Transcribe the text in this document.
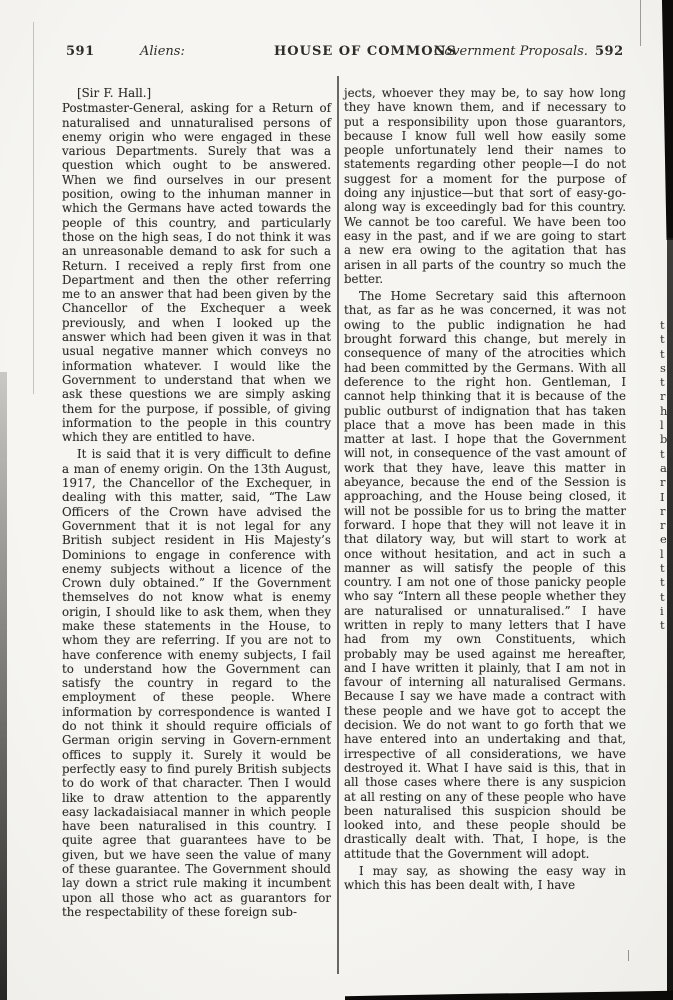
591	Aliens:	HOUSE OF COMMONS
Government Proposals. 592
[Sir F. Hall.]

Postmaster-General, asking for a Return of naturalised and unnaturalised persons of enemy origin who were engaged in these various Departments. Surely that was a question which ought to be answered. When we find ourselves in our present position, owing to the inhuman manner in which the Germans have acted towards the people of this country, and particularly those on the high seas, I do not think it was an unreasonable demand to ask for such a Return. I received a reply first from one Department and then the other referring me to an answer that had been given by the Chancellor of the Exchequer a week previously, and when I looked up the answer which had been given it was in that usual negative manner which conveys no information whatever. I would like the Government to understand that when we ask these questions we are simply asking them for the purpose, if possible, of giving information to the people in this country which they are entitled to have.

It is said that it is very difficult to define a man of enemy origin. On the 13th August, 1917, the Chancellor of the Exchequer, in dealing with this matter, said, “The Law Officers of the Crown have advised the Government that it is not legal for any British subject resident in His Majesty’s Dominions to engage in conference with enemy subjects without a licence of the Crown duly obtained.” If the Government themselves do not know what is enemy origin, I should like to ask them, when they make these statements in the House, to whom they are referring. If you are not to have conference with enemy subjects, I fail to understand how the Government can satisfy the country in regard to the employment of these people. Where information by correspondence is wanted I do not think it should require officials of German origin serving in Govern-ernment offices to supply it. Surely it would be perfectly easy to find purely British subjects to do work of that character. Then I would like to draw attention to the apparently easy lackadaisiacal manner in which people have been naturalised in this country. I quite agree that guarantees have to be given, but we have seen the value of many of these guarantee. The Government should lay down a strict rule making it incumbent upon all those who act as guarantors for the respectability of these foreign sub-

jects, whoever they may be, to say how long they have known them, and if necessary to put a responsibility upon those guarantors, because I know full well how easily some people unfortunately lend their names to statements regarding other people—I do not suggest for a moment for the purpose of doing any injustice—but that sort of easy-go-along way is exceedingly bad for this country. We cannot be too careful. We have been too easy in the past, and if we are going to start a new era owing to the agitation that has arisen in all parts of the country so much the better.

The Home Secretary said this afternoon that, as far as he was concerned, it was not owing to the public indignation he had brought forward this change, but merely in consequence of many of the atrocities which had been committed by the Germans. With all deference to the right hon. Gentleman, I cannot help thinking that it is because of the public outburst of indignation that has taken place that a move has been made in this matter at last. I hope that the Government will not, in consequence of the vast amount of work that they have, leave this matter in abeyance, because the end of the Session is approaching, and the House being closed, it will not be possible for us to bring the matter forward. I hope that they will not leave it in that dilatory way, but will start to work at once without hesitation, and act in such a manner as will satisfy the people of this country. I am not one of those panicky people who say “Intern all these people whether they are naturalised or unnaturalised.” I have written in reply to many letters that I have had from my own Constituents, which probably may be used against me hereafter, and I have written it plainly, that I am not in favour of interning all naturalised Germans. Because I say we have made a contract with these people and we have got to accept the decision. We do not want to go forth that we have entered into an undertaking and that, irrespective of all considerations, we have destroyed it. What I have said is this, that in all those cases where there is any suspicion at all resting on any of these people who have been naturalised this suspicion should be looked into, and these people should be drastically dealt with. That, I hope, is the attitude that the Government will adopt.

I may say, as showing the easy way in which this has been dealt with, I have

t
t
t
s
t
r
h
l
b
t
a
r
I
r
r
e
l
t
t
t
i
t
